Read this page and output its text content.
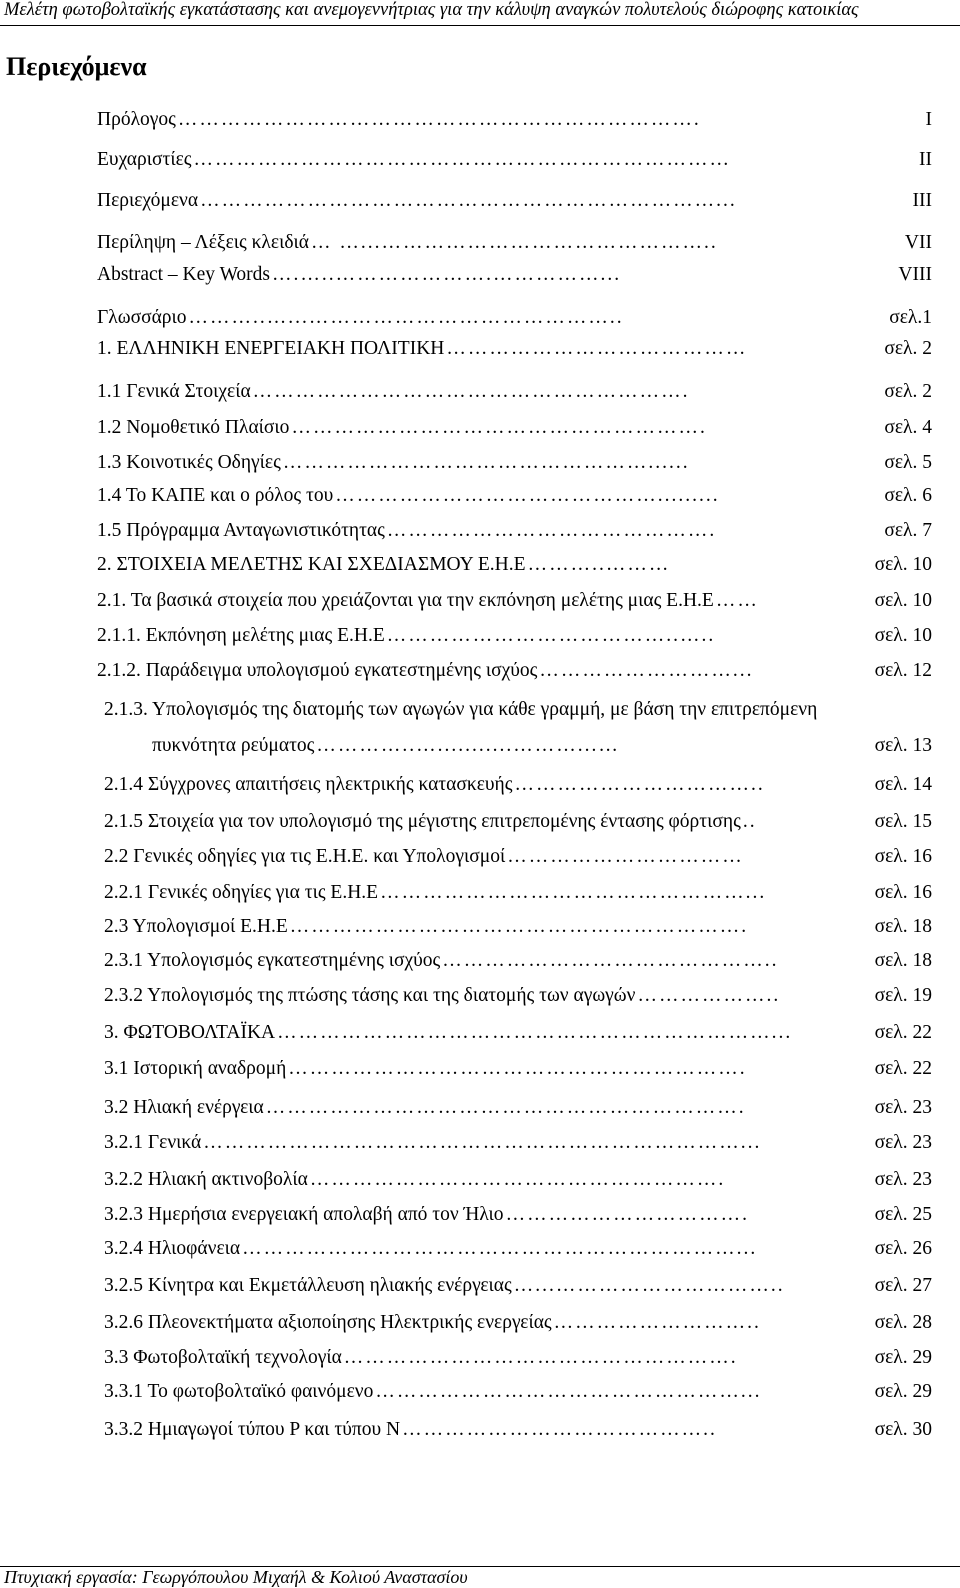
Μελέτη φωτοβολταϊκής εγκατάστασης και ανεμογεννήτριας για την κάλυψη αναγκών πολυτελούς διώροφης κατοικίας
Περιεχόμενα
Πρόλογος ……………………………………………………………….	I
Ευχαριστίες …………………………………………………………………	II
Περιεχόμενα ………………………………………………………………...	III
Περίληψη – Λέξεις κλειδιά … …...………………………………………..	VII
Abstract – Key Words ….…..………………….……………...	VIII
Γλωσσάριο ………..…...……………………………………..	σελ.1
1. ΕΛΛΗΝΙΚΗ ΕΝΕΡΓΕΙΑΚΗ ΠΟΛΙΤΙΚΗ ……………………………………	σελ. 2
1.1 Γενικά Στοιχεία …………………………………………………….	σελ. 2
1.2 Νομοθετικό Πλαίσιο ………………………………………………….	σελ. 4
1.3 Κοινοτικές Οδηγίες ……………………………………………......	σελ. 5
1.4 Το ΚΑΠΕ και ο ρόλος του ……………………………………….........	σελ. 6
1.5 Πρόγραμμα Ανταγωνιστικότητας ……………………………………….	σελ. 7
2. ΣΤΟΙΧΕΙΑ ΜΕΛΕΤΗΣ ΚΑΙ ΣΧΕΔΙΑΣΜΟΥ Ε.Η.Ε ………..………	σελ. 10
2.1. Τα βασικά στοιχεία που χρειάζονται για την εκπόνηση μελέτης μιας Ε.Η.Ε ……	σελ. 10
2.1.1. Εκπόνηση μελέτης μιας Ε.Η.Ε …………………………………..…..	σελ. 10
2.1.2. Παράδειγμα υπολογισμού εγκατεστημένης ισχύος ………………………...	σελ. 12
2.1.3. Υπολογισμός της διατομής των αγωγών για κάθε γραμμή, με βάση την επιτρεπόμενη
πυκνότητα ρεύματος …………..…...........………...…	σελ. 13
2.1.4 Σύγχρονες απαιτήσεις ηλεκτρικής κατασκευής ……………………………..	σελ. 14
2.1.5 Στοιχεία για τον υπολογισμό της μέγιστης επιτρεπομένης έντασης φόρτισης ..	σελ. 15
2.2 Γενικές οδηγίες για τις Ε.Η.Ε. και Υπολογισμοί ……………………………	σελ. 16
2.2.1 Γενικές οδηγίες για τις Ε.Η.Ε ……………………………………………...	σελ. 16
2.3 Υπολογισμοί Ε.Η.Ε ……………………………………………………….	σελ. 18
2.3.1 Υπολογισμός εγκατεστημένης ισχύος ………………………………………..	σελ. 18
2.3.2 Υπολογισμός της πτώσης τάσης και της διατομής των αγωγών ………………..	σελ. 19
3. ΦΩΤΟΒΟΛΤΑΪΚΑ ……………………………………………………………...	σελ. 22
3.1 Ιστορική αναδρομή ……………………………………………………….	σελ. 22
3.2 Ηλιακή ενέργεια ………………………………………………………….	σελ. 23
3.2.1 Γενικά …………………………………………………………………...	σελ. 23
3.2.2 Ηλιακή ακτινοβολία ………………………………………………….	σελ. 23
3.2.3 Ημερήσια ενεργειακή απολαβή από τον Ήλιο …………………………….	σελ. 25
3.2.4 Ηλιοφάνεια ……………………………………………………………...	σελ. 26
3.2.5 Κίνητρα και Εκμετάλλευση ηλιακής ενέργειας …...…………………………..	σελ. 27
3.2.6 Πλεονεκτήματα αξιοποίησης Ηλεκτρικής ενεργείας ………………………..	σελ. 28
3.3 Φωτοβολταϊκή τεχνολογία ……………………………………………….	σελ. 29
3.3.1 Το φωτοβολταϊκό φαινόμενο ……………………………………………...	σελ. 29
3.3.2 Ημιαγωγοί τύπου P και τύπου N ……………………………………..	σελ. 30
Πτυχιακή εργασία: Γεωργόπουλου Μιχαήλ & Κολιού Αναστασίου
